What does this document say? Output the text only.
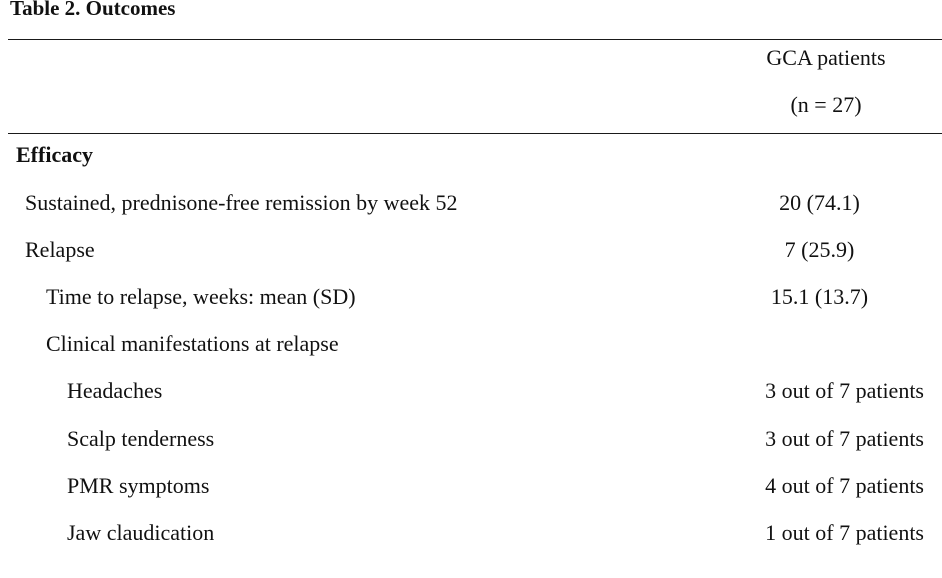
Table 2. Outcomes
GCA patients
(n = 27)
Efficacy
Sustained, prednisone-free remission by week 52	20 (74.1)
Relapse	7 (25.9)
Time to relapse, weeks: mean (SD)	15.1 (13.7)
Clinical manifestations at relapse
Headaches	3 out of 7 patients
Scalp tenderness	3 out of 7 patients
PMR symptoms	4 out of 7 patients
Jaw claudication	1 out of 7 patients
